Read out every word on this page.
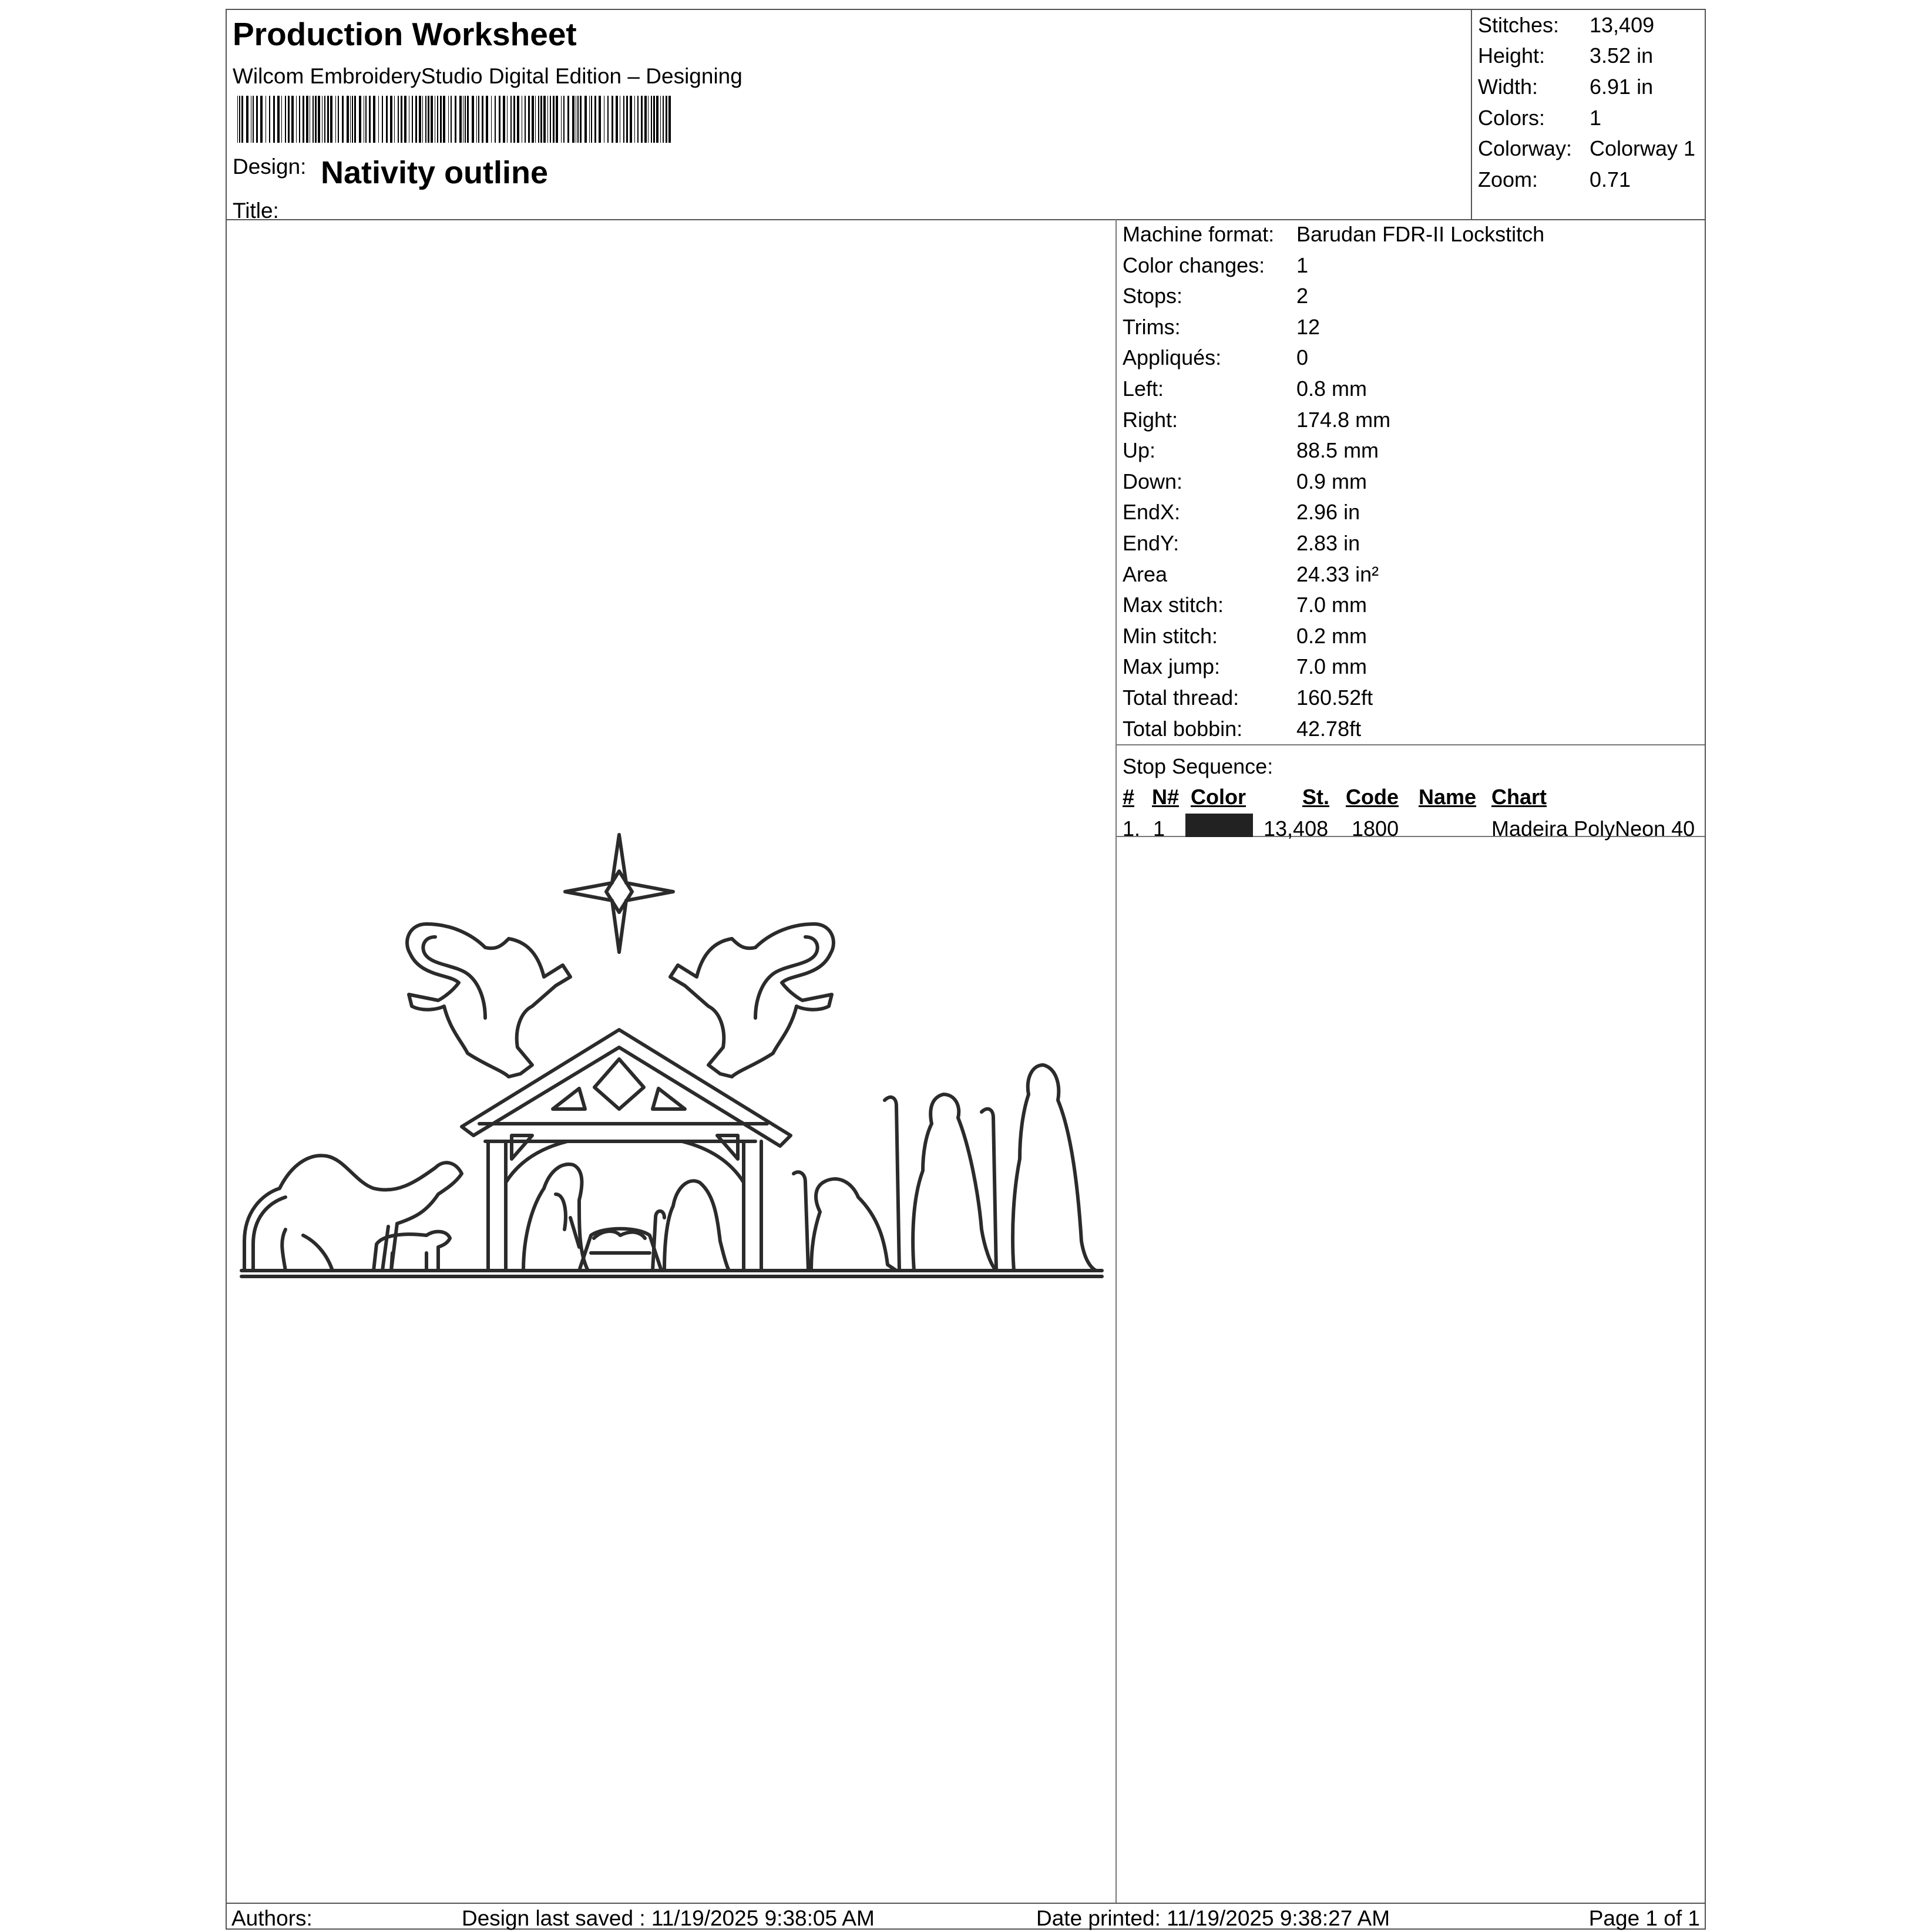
Production Worksheet
Wilcom EmbroideryStudio Digital Edition – Designing
Design: Nativity outline
Title:
Stitches: 13,409
Height: 3.52 in
Width: 6.91 in
Colors: 1
Colorway: Colorway 1
Zoom: 0.71
Machine format: Barudan FDR-II Lockstitch
Color changes: 1
Stops:	2
Trims:	12
Appliqués:	0
Left:	0.8 mm
Right:	174.8 mm
Up:	88.5 mm
Down:	0.9 mm
EndX:	2.96 in
EndY:	2.83 in
Area	24.33 in²
Max stitch:	7.0 mm
Min stitch:	0.2 mm
Max jump:	7.0 mm
Total thread:	160.52ft
Total bobbin:	42.78ft
Stop Sequence:
# N# Color	St. Code Name Chart
1. 1	13,408 1800	Madeira PolyNeon 40
Authors:	Design last saved : 11/19/2025 9:38:05 AM	Date printed: 11/19/2025 9:38:27 AM	Page 1 of 1
